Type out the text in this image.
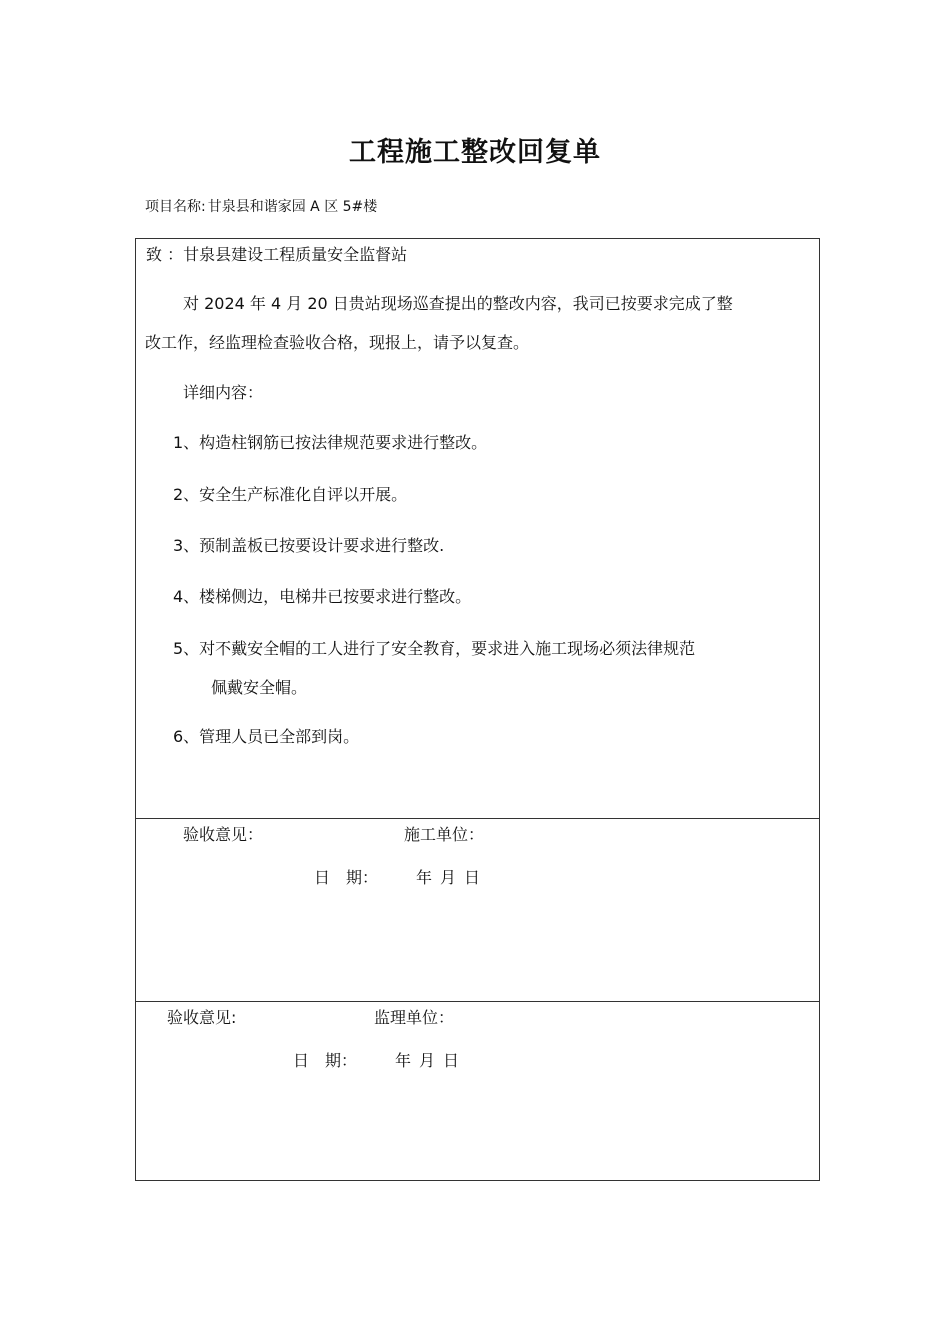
工程施工整改回复单
项目名称: 甘泉县和谐家园 A 区 5#楼
致 ：甘泉县建设工程质量安全监督站
对 2024 年 4 月 20 日贵站现场巡查提出的整改内容，我司已按要求完成了整
改工作，经监理检查验收合格，现报上，请予以复查。
详细内容：
1、构造柱钢筋已按法律规范要求进行整改。
2、安全生产标准化自评以开展。
3、预制盖板已按要设计要求进行整改.
4、楼梯侧边，电梯井已按要求进行整改。
5、对不戴安全帽的工人进行了安全教育，要求进入施工现场必须法律规范
佩戴安全帽。
6、管理人员已全部到岗。
验收意见：	施工单位：
日　期： 年 月 日
验收意见:	监理单位：
日　期： 年 月 日
